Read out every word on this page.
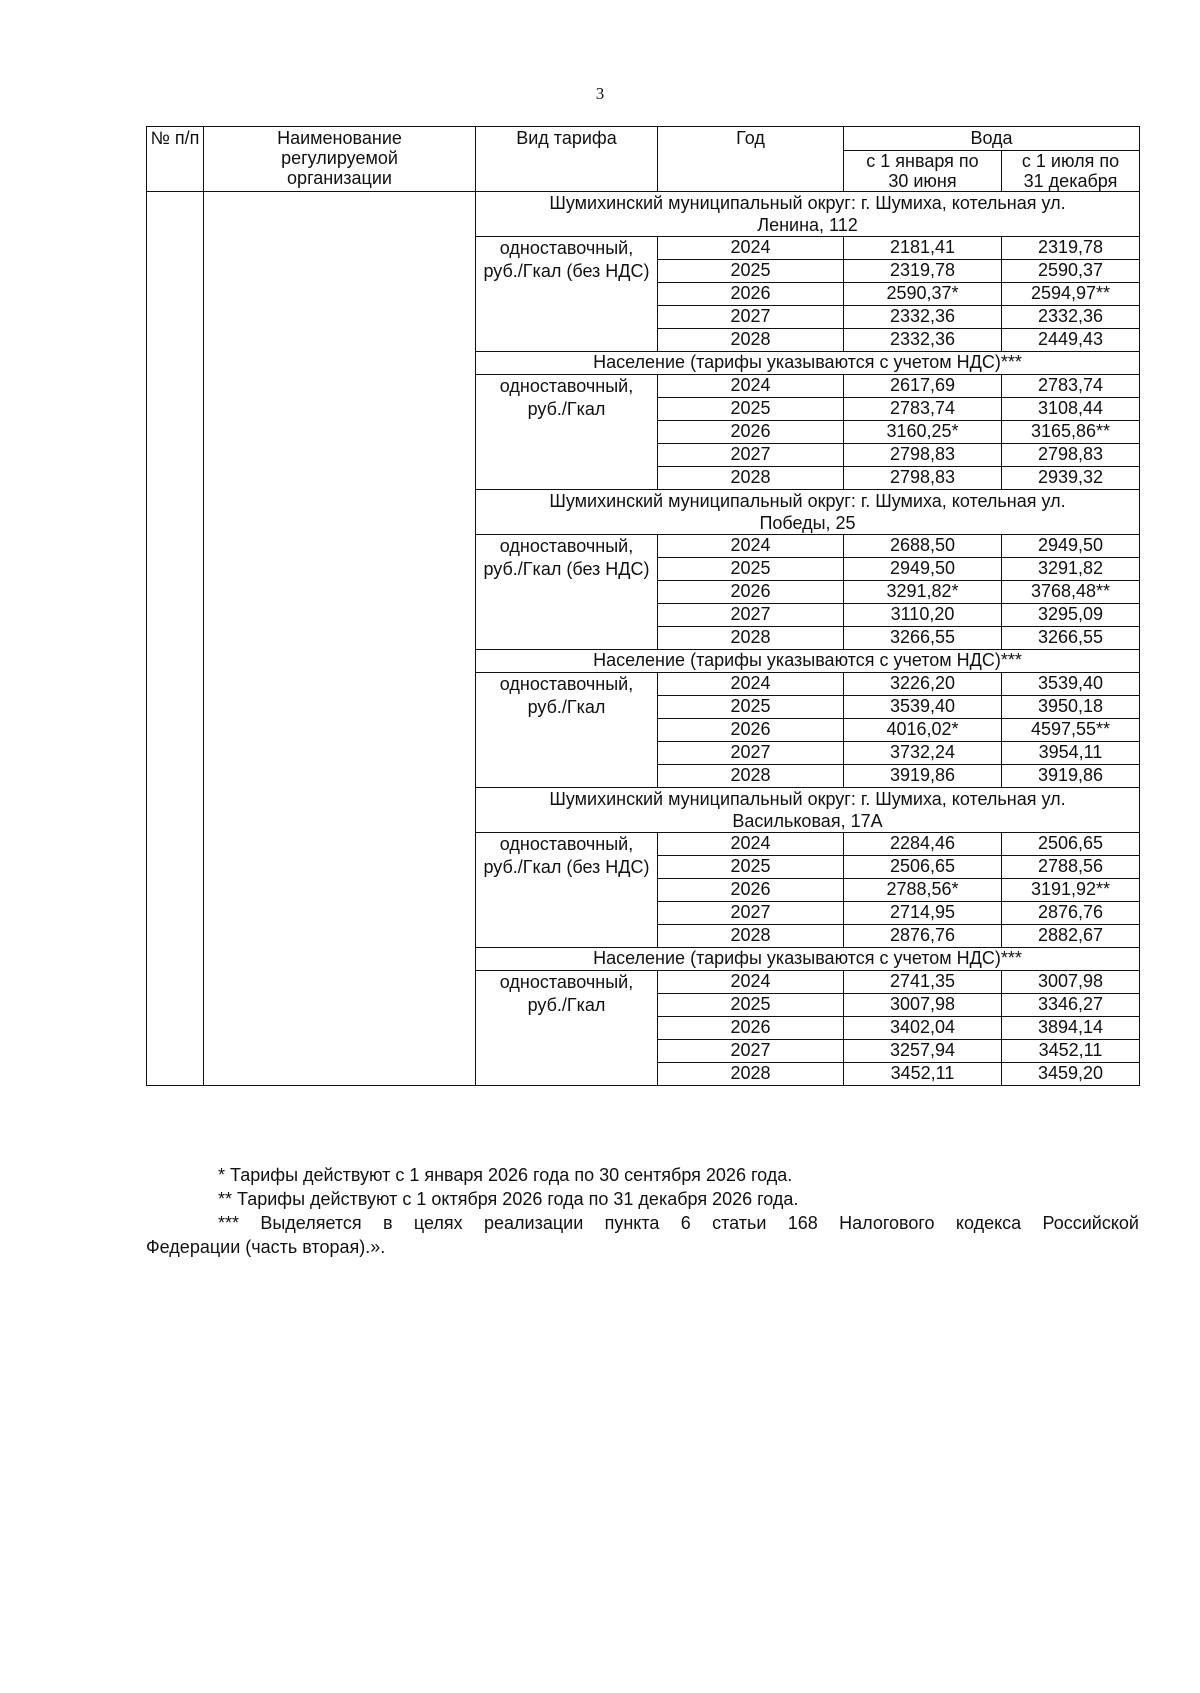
3
№ п/п	Наименование регулируемой организации	Вид тарифа	Год	Вода	
				с 1 января по 30 июня	с 1 июля по 31 декабря
		Шумихинский муниципальный округ: г. Шумиха, котельная ул. Ленина, 112			
		одноставочный, руб./Гкал (без НДС)	2024	2181,41	2319,78
			2025	2319,78	2590,37
			2026	2590,37*	2594,97**
			2027	2332,36	2332,36
			2028	2332,36	2449,43
		Население (тарифы указываются с учетом НДС)***			
		одноставочный, руб./Гкал	2024	2617,69	2783,74
			2025	2783,74	3108,44
			2026	3160,25*	3165,86**
			2027	2798,83	2798,83
			2028	2798,83	2939,32
		Шумихинский муниципальный округ: г. Шумиха, котельная ул. Победы, 25			
		одноставочный, руб./Гкал (без НДС)	2024	2688,50	2949,50
			2025	2949,50	3291,82
			2026	3291,82*	3768,48**
			2027	3110,20	3295,09
			2028	3266,55	3266,55
		Население (тарифы указываются с учетом НДС)***			
		одноставочный, руб./Гкал	2024	3226,20	3539,40
			2025	3539,40	3950,18
			2026	4016,02*	4597,55**
			2027	3732,24	3954,11
			2028	3919,86	3919,86
		Шумихинский муниципальный округ: г. Шумиха, котельная ул. Васильковая, 17А			
		одноставочный, руб./Гкал (без НДС)	2024	2284,46	2506,65
			2025	2506,65	2788,56
			2026	2788,56*	3191,92**
			2027	2714,95	2876,76
			2028	2876,76	2882,67
		Население (тарифы указываются с учетом НДС)***			
		одноставочный, руб./Гкал	2024	2741,35	3007,98
			2025	3007,98	3346,27
			2026	3402,04	3894,14
			2027	3257,94	3452,11
			2028	3452,11	3459,20

* Тарифы действуют с 1 января 2026 года по 30 сентября 2026 года.

** Тарифы действуют с 1 октября 2026 года по 31 декабря 2026 года.

*** Выделяется в целях реализации пункта 6 статьи 168 Налогового кодекса Российской

Федерации (часть вторая).».
